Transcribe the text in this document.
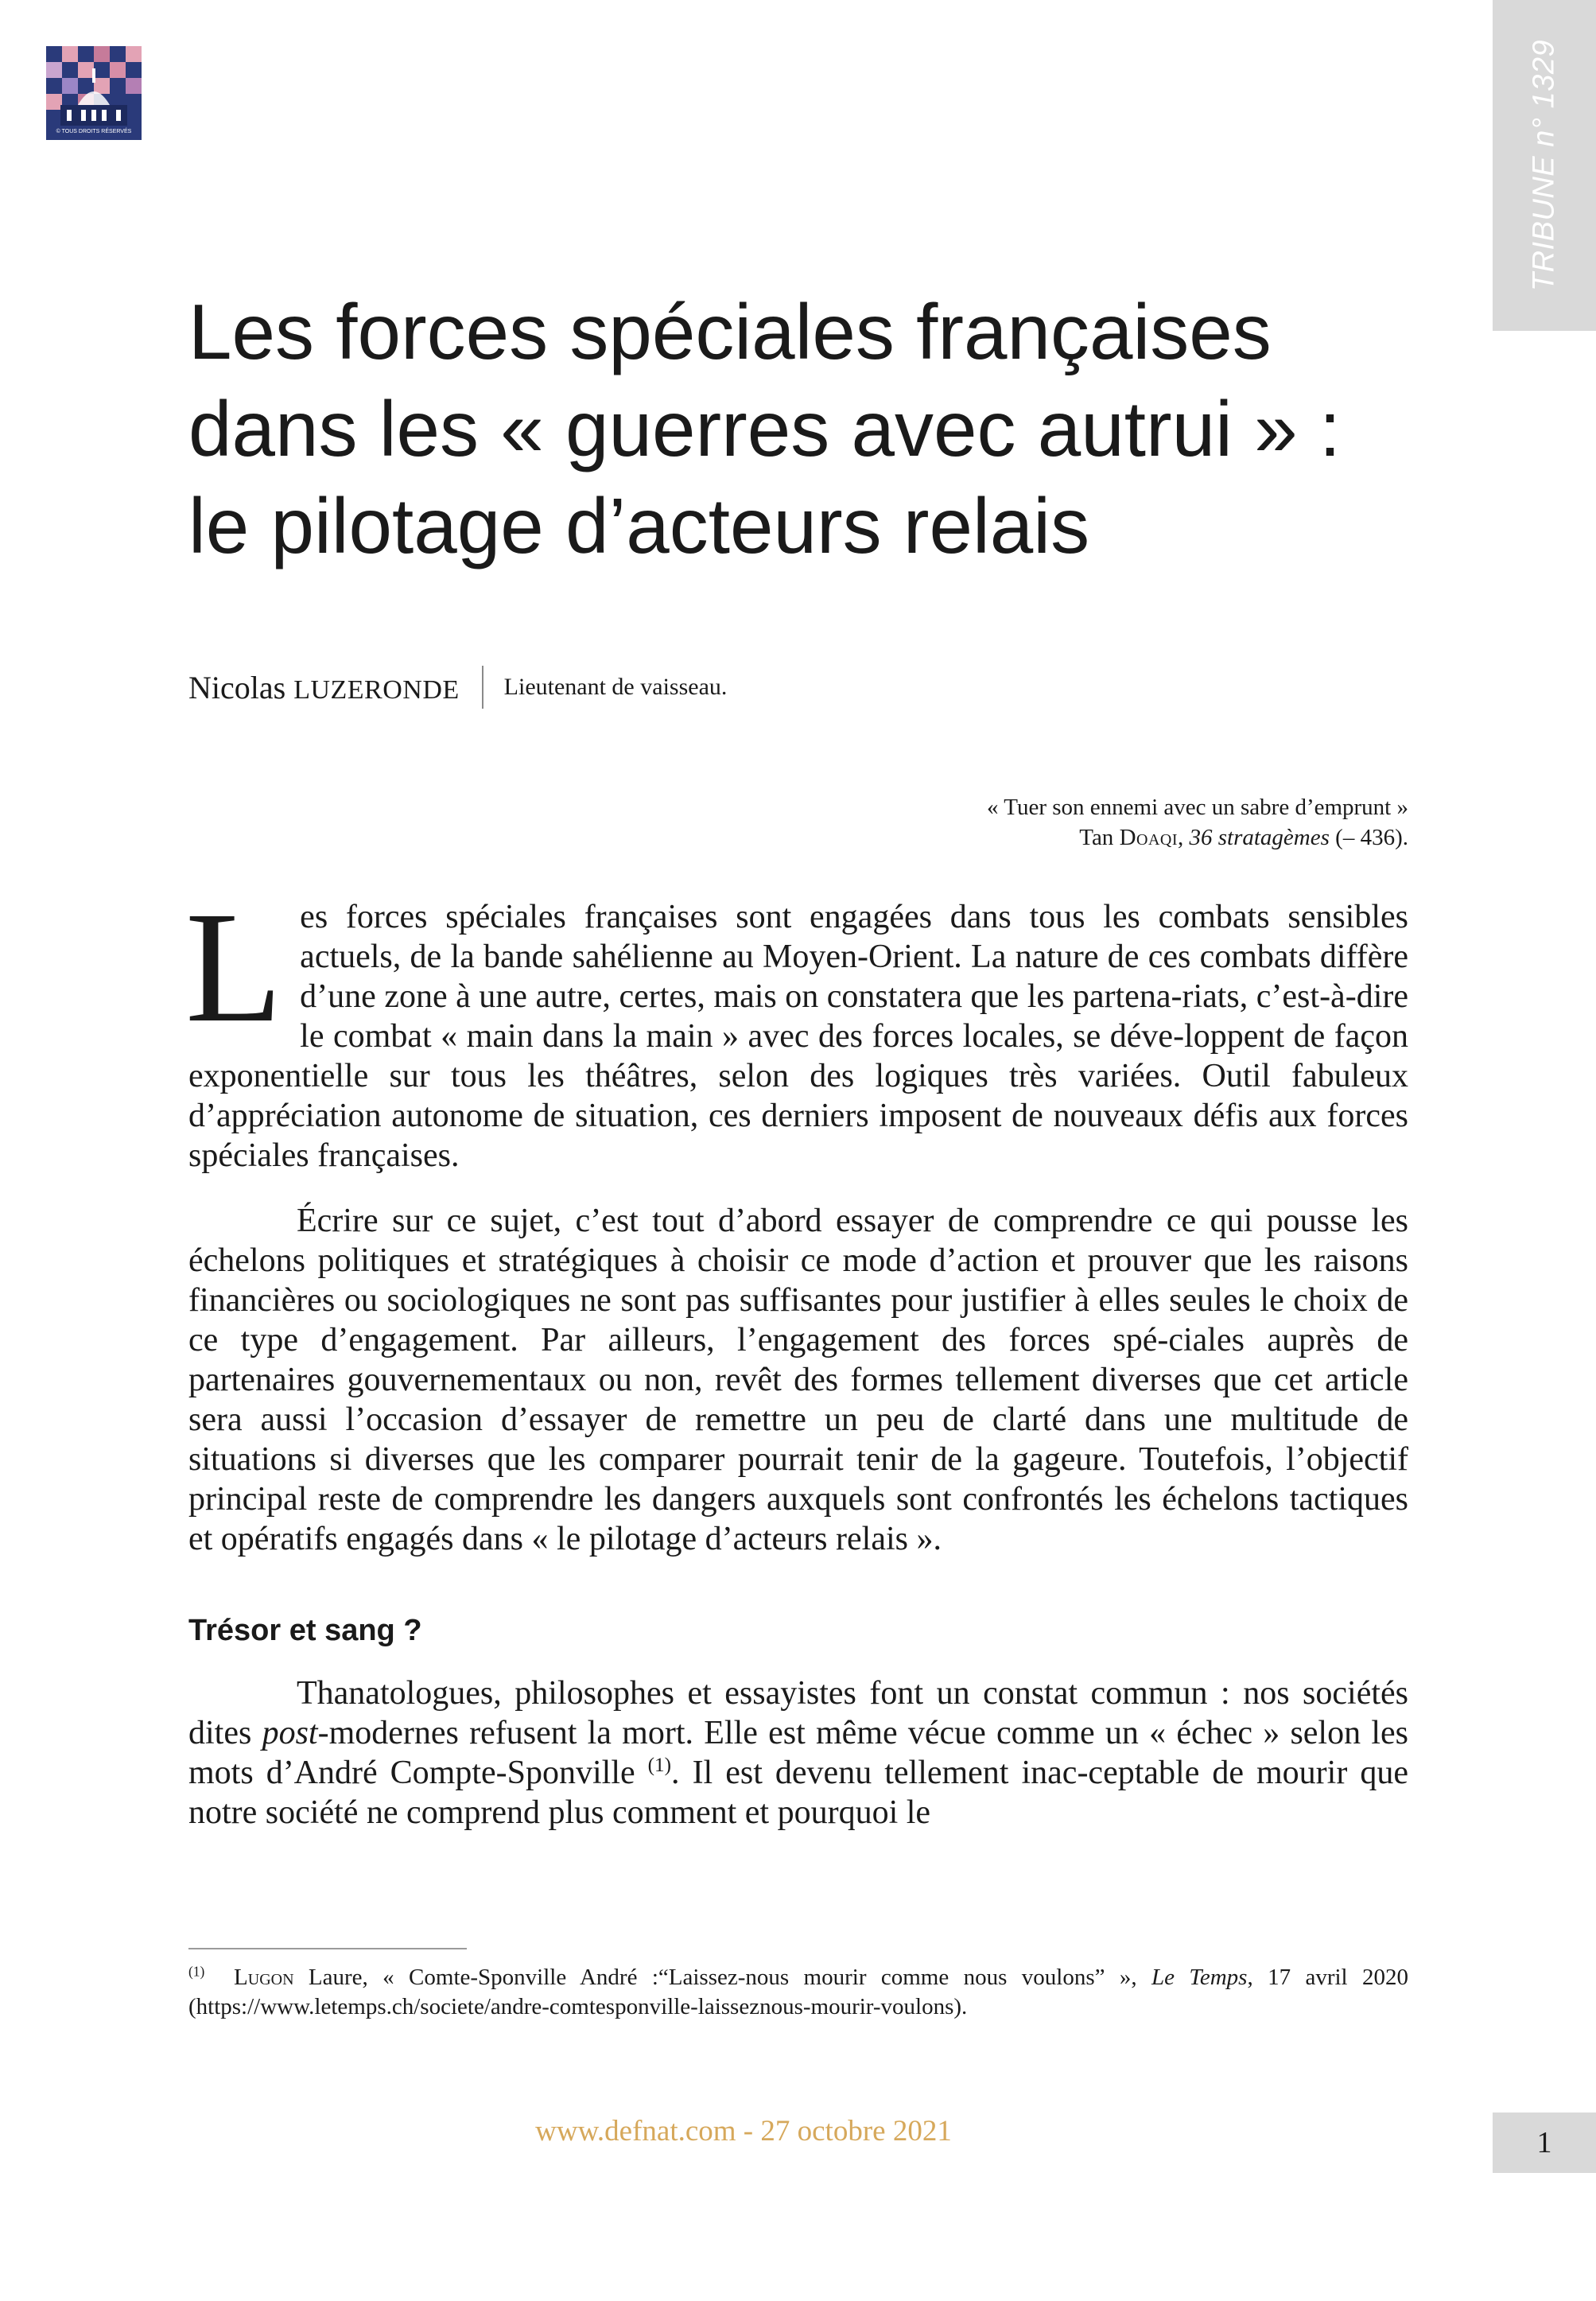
© TOUS DROITS RÉSERVÉS
TRIBUNE n° 1329
Les forces spéciales françaises
dans les « guerres avec autrui » :
le pilotage d’acteurs relais
Nicolas LUZERONDE Lieutenant de vaisseau.
« Tuer son ennemi avec un sabre d’emprunt »
Tan Doaqi, 36 stratagèmes (– 436).

Les forces spéciales françaises sont engagées dans tous les combats sensibles actuels, de la bande sahélienne au Moyen-Orient. La nature de ces combats diffère d’une zone à une autre, certes, mais on constatera que les partena-riats, c’est-à-dire le combat « main dans la main » avec des forces locales, se déve-loppent de façon exponentielle sur tous les théâtres, selon des logiques très variées. Outil fabuleux d’appréciation autonome de situation, ces derniers imposent de nouveaux défis aux forces spéciales françaises.

Écrire sur ce sujet, c’est tout d’abord essayer de comprendre ce qui pousse les échelons politiques et stratégiques à choisir ce mode d’action et prouver que les raisons financières ou sociologiques ne sont pas suffisantes pour justifier à elles seules le choix de ce type d’engagement. Par ailleurs, l’engagement des forces spé-ciales auprès de partenaires gouvernementaux ou non, revêt des formes tellement diverses que cet article sera aussi l’occasion d’essayer de remettre un peu de clarté dans une multitude de situations si diverses que les comparer pourrait tenir de la gageure. Toutefois, l’objectif principal reste de comprendre les dangers auxquels sont confrontés les échelons tactiques et opératifs engagés dans « le pilotage d’acteurs relais ».

Trésor et sang ?

Thanatologues, philosophes et essayistes font un constat commun : nos sociétés dites post-modernes refusent la mort. Elle est même vécue comme un « échec » selon les mots d’André Compte-Sponville $^{(1)}$. Il est devenu tellement inac-ceptable de mourir que notre société ne comprend plus comment et pourquoi le

$^{(1)}$ Lugon Laure, « Comte-Sponville André :“Laissez-nous mourir comme nous voulons” », Le Temps, 17 avril 2020 (https://www.letemps.ch/societe/andre-comtesponville-laisseznous-mourir-voulons).
www.defnat.com - 27 octobre 2021	1
